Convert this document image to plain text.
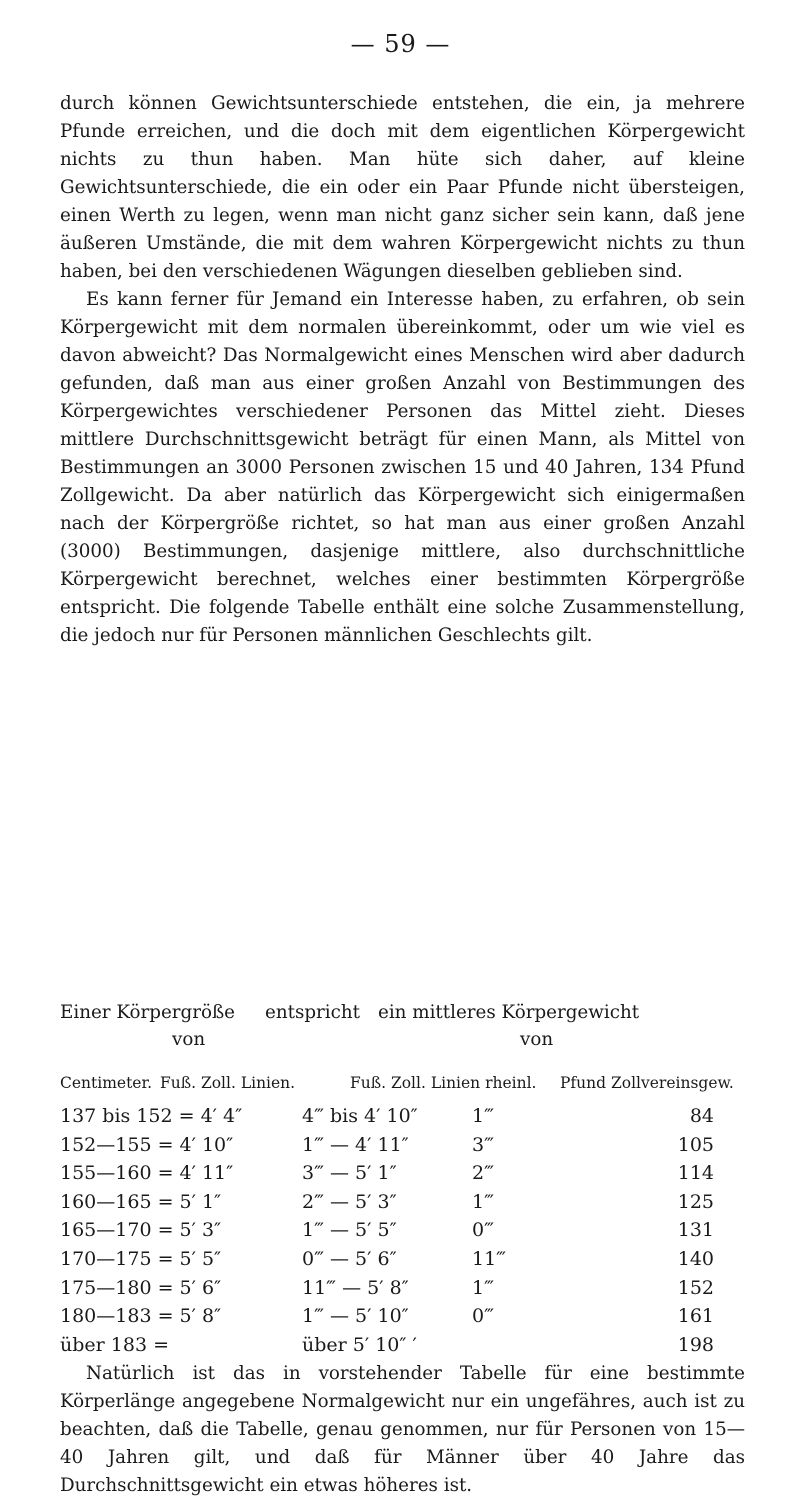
— 59 —

durch können Gewichtsunterschiede entstehen, die ein, ja mehrere Pfunde erreichen, und die doch mit dem eigentlichen Körpergewicht nichts zu thun haben. Man hüte sich daher, auf kleine Gewichtsunterschiede, die ein oder ein Paar Pfunde nicht übersteigen, einen Werth zu legen, wenn man nicht ganz sicher sein kann, daß jene äußeren Umstände, die mit dem wahren Körpergewicht nichts zu thun haben, bei den verschiedenen Wägungen dieselben geblieben sind.

Es kann ferner für Jemand ein Interesse haben, zu erfahren, ob sein Körpergewicht mit dem normalen übereinkommt, oder um wie viel es davon abweicht? Das Normalgewicht eines Menschen wird aber dadurch gefunden, daß man aus einer großen Anzahl von Bestimmungen des Körpergewichtes verschiedener Personen das Mittel zieht. Dieses mittlere Durchschnittsgewicht beträgt für einen Mann, als Mittel von Bestimmungen an 3000 Personen zwischen 15 und 40 Jahren, 134 Pfund Zollgewicht. Da aber natürlich das Körpergewicht sich einigermaßen nach der Körpergröße richtet, so hat man aus einer großen Anzahl (3000) Bestimmungen, dasjenige mittlere, also durchschnittliche Körpergewicht berechnet, welches einer bestimmten Körpergröße entspricht. Die folgende Tabelle enthält eine solche Zusammenstellung, die jedoch nur für Personen männlichen Geschlechts gilt.

Einer Körpergröße entspricht ein mittleres Körpergewicht
von	von
Centimeter. Fuß. Zoll. Linien.	Fuß. Zoll. Linien rheinl. Pfund Zollvereinsgew.
137 bis 152 = 4′ 4″	4‴ bis 4′ 10″	1‴	84
152—155 = 4′ 10″	1‴ — 4′ 11″	3‴	105
155—160 = 4′ 11″	3‴ — 5′ 1″	2‴	114
160—165 = 5′ 1″	2‴ — 5′ 3″	1‴	125
165—170 = 5′ 3″	1‴ — 5′ 5″	0‴	131
170—175 = 5′ 5″	0‴ — 5′ 6″	11‴	140
175—180 = 5′ 6″	11‴ — 5′ 8″	1‴	152
180—183 = 5′ 8″	1‴ — 5′ 10″	0‴	161
über 183 =	über 5′ 10″ ′	198

Natürlich ist das in vorstehender Tabelle für eine bestimmte Körperlänge angegebene Normalgewicht nur ein ungefähres, auch ist zu beachten, daß die Tabelle, genau genommen, nur für Personen von 15—40 Jahren gilt, und daß für Männer über 40 Jahre das Durchschnittsgewicht ein etwas höheres ist.
